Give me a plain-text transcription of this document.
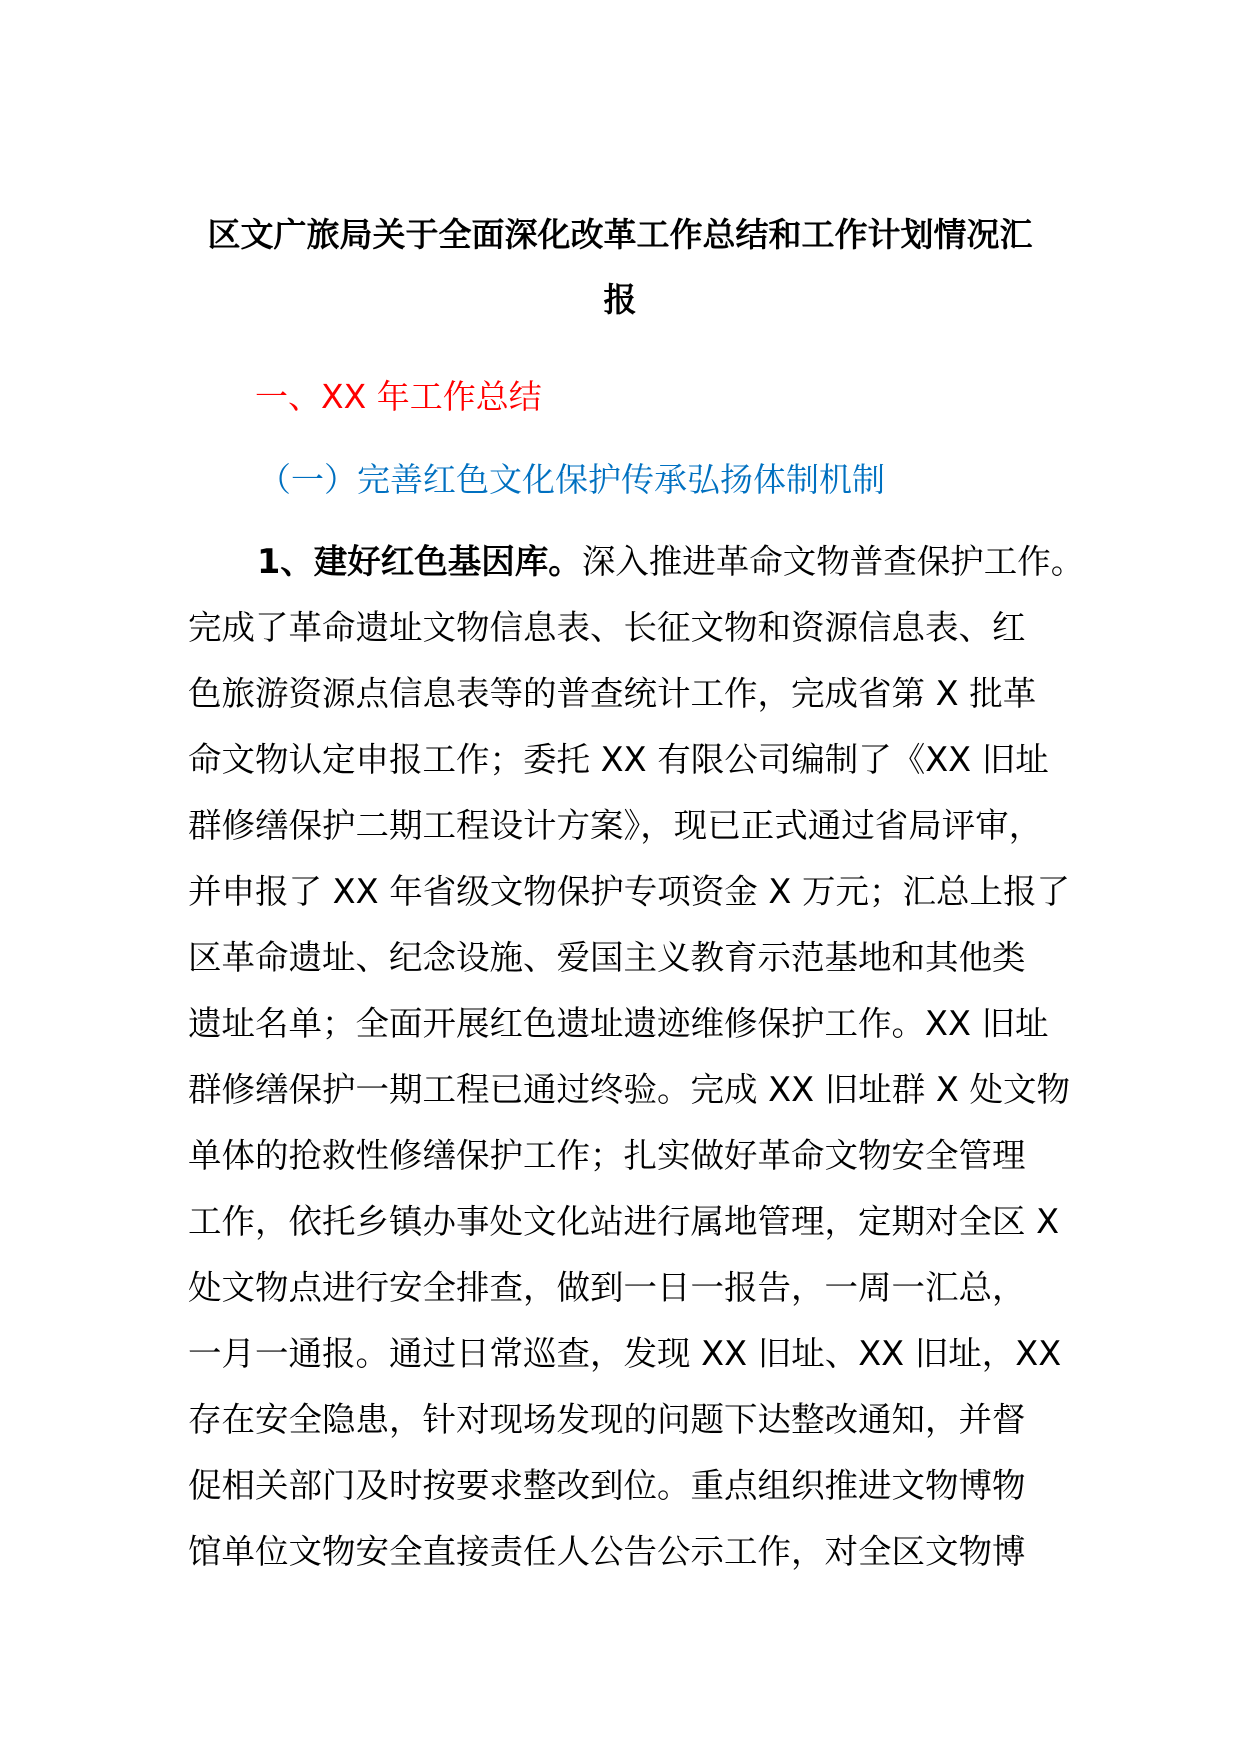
区文广旅局关于全面深化改革工作总结和工作计划情况汇
报
一、XX 年工作总结
（一）完善红色文化保护传承弘扬体制机制
1、建好红色基因库。深入推进革命文物普查保护工作。
完成了革命遗址文物信息表、长征文物和资源信息表、红
色旅游资源点信息表等的普查统计工作，完成省第 X 批革
命文物认定申报工作；委托 XX 有限公司编制了《XX 旧址
群修缮保护二期工程设计方案》，现已正式通过省局评审，
并申报了 XX 年省级文物保护专项资金 X 万元；汇总上报了
区革命遗址、纪念设施、爱国主义教育示范基地和其他类
遗址名单；全面开展红色遗址遗迹维修保护工作。XX 旧址
群修缮保护一期工程已通过终验。完成 XX 旧址群 X 处文物
单体的抢救性修缮保护工作；扎实做好革命文物安全管理
工作，依托乡镇办事处文化站进行属地管理，定期对全区 X
处文物点进行安全排查，做到一日一报告，一周一汇总，
一月一通报。通过日常巡查，发现 XX 旧址、XX 旧址，XX
存在安全隐患，针对现场发现的问题下达整改通知，并督
促相关部门及时按要求整改到位。重点组织推进文物博物
馆单位文物安全直接责任人公告公示工作，对全区文物博
